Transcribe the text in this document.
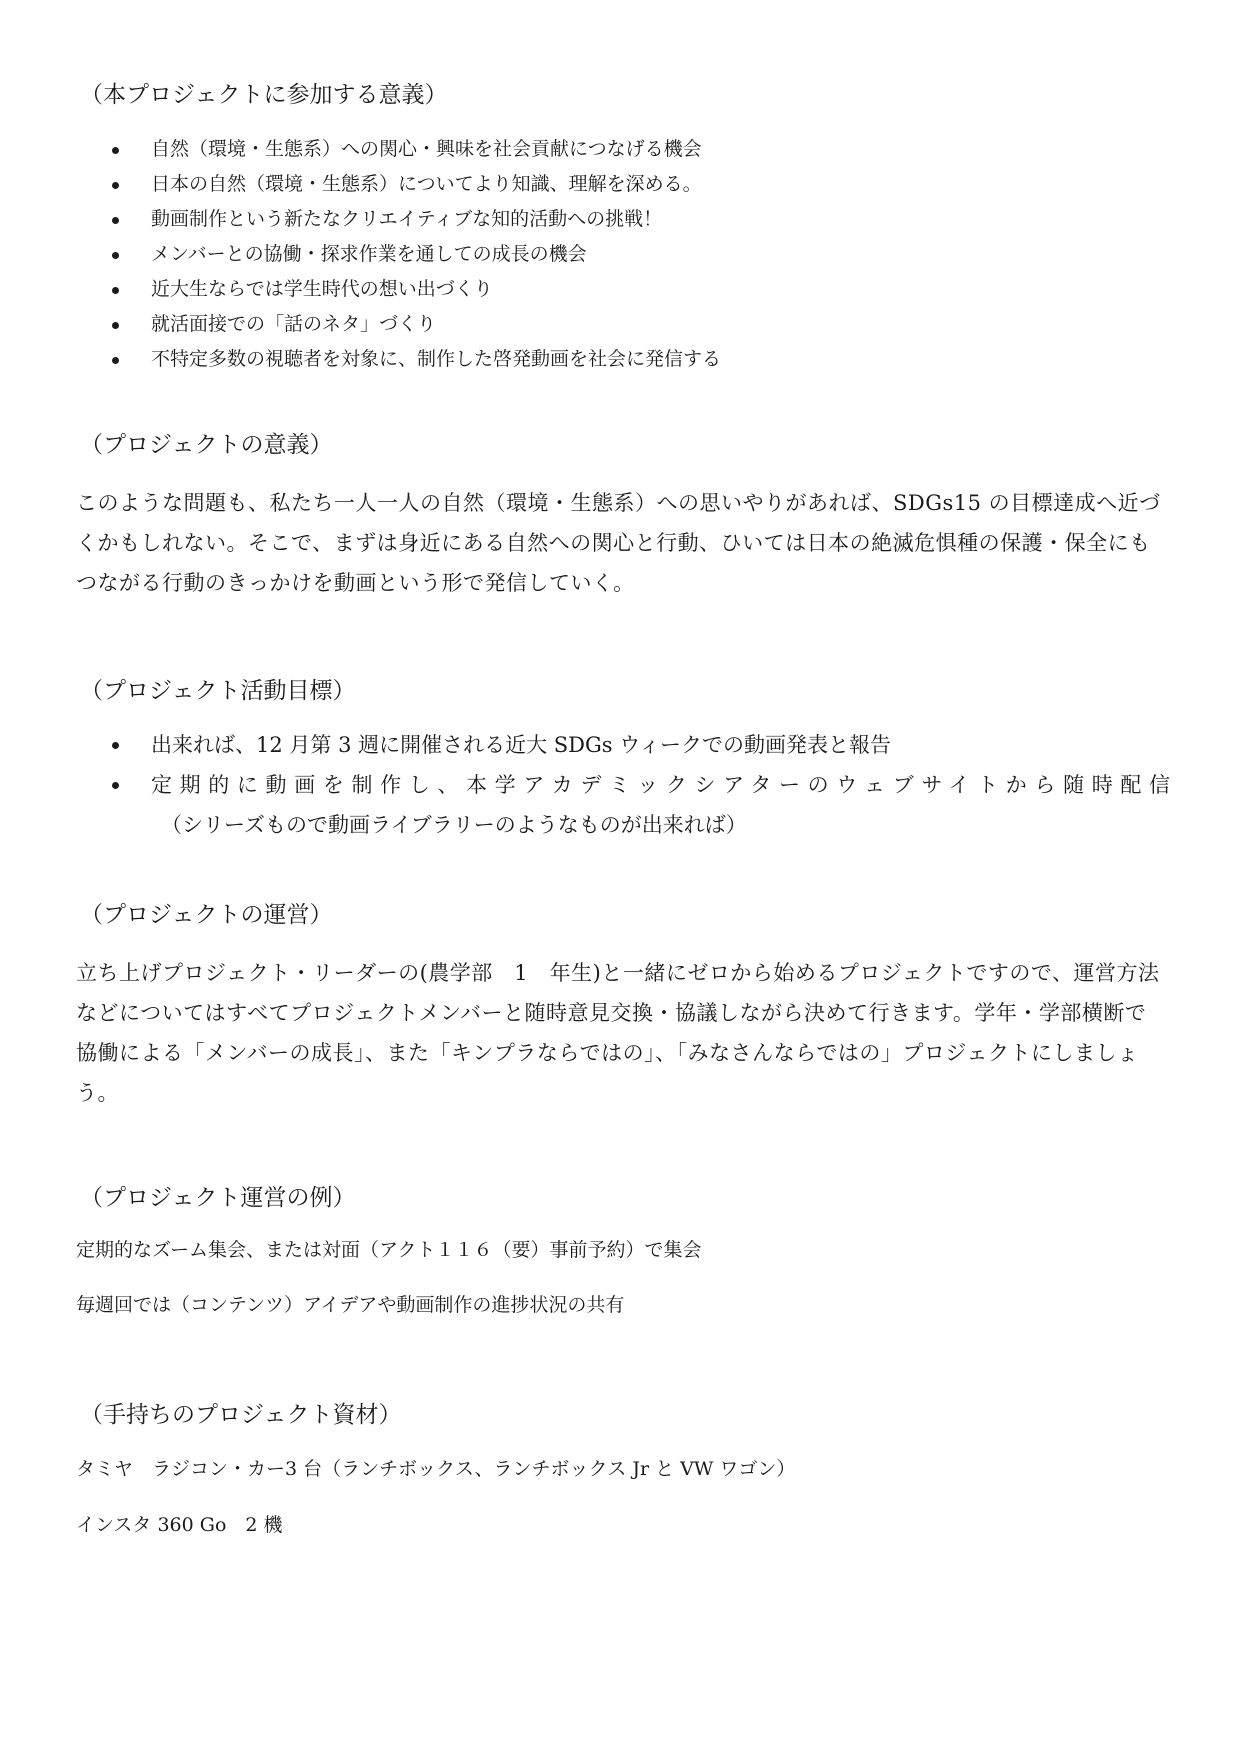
（本プロジェクトに参加する意義）
自然（環境・生態系）への関心・興味を社会貢献につなげる機会
日本の自然（環境・生態系）についてより知識、理解を深める。
動画制作という新たなクリエイティブな知的活動への挑戦！
メンバーとの協働・探求作業を通しての成長の機会
近大生ならでは学生時代の想い出づくり
就活面接での「話のネタ」づくり
不特定多数の視聴者を対象に、制作した啓発動画を社会に発信する
（プロジェクトの意義）

このような問題も、私たち一人一人の自然（環境・生態系）への思いやりがあれば、SDGs15 の目標達成へ近づくかもしれない。そこで、まずは身近にある自然への関心と行動、ひいては日本の絶滅危惧種の保護・保全にもつながる行動のきっかけを動画という形で発信していく。

（プロジェクト活動目標）
出来れば、12 月第 3 週に開催される近大 SDGs ウィークでの動画発表と報告
定期的に動画を制作し、本学アカデミックシアターのウェブサイトから随時配信
（シリーズもので動画ライブラリーのようなものが出来れば）
（プロジェクトの運営）

立ち上げプロジェクト・リーダーの(農学部　1　年生)と一緒にゼロから始めるプロジェクトですので、運営方法などについてはすべてプロジェクトメンバーと随時意見交換・協議しながら決めて行きます。学年・学部横断で協働による「メンバーの成長」、また「キンプラならではの」、「みなさんならではの」プロジェクトにしましょう。

（プロジェクト運営の例）
定期的なズーム集会、または対面（アクト１１６（要）事前予約）で集会
毎週回では（コンテンツ）アイデアや動画制作の進捗状況の共有
（手持ちのプロジェクト資材）
タミヤ　ラジコン・カー3 台（ランチボックス、ランチボックス Jr と VW ワゴン）
インスタ 360 Go　2 機
